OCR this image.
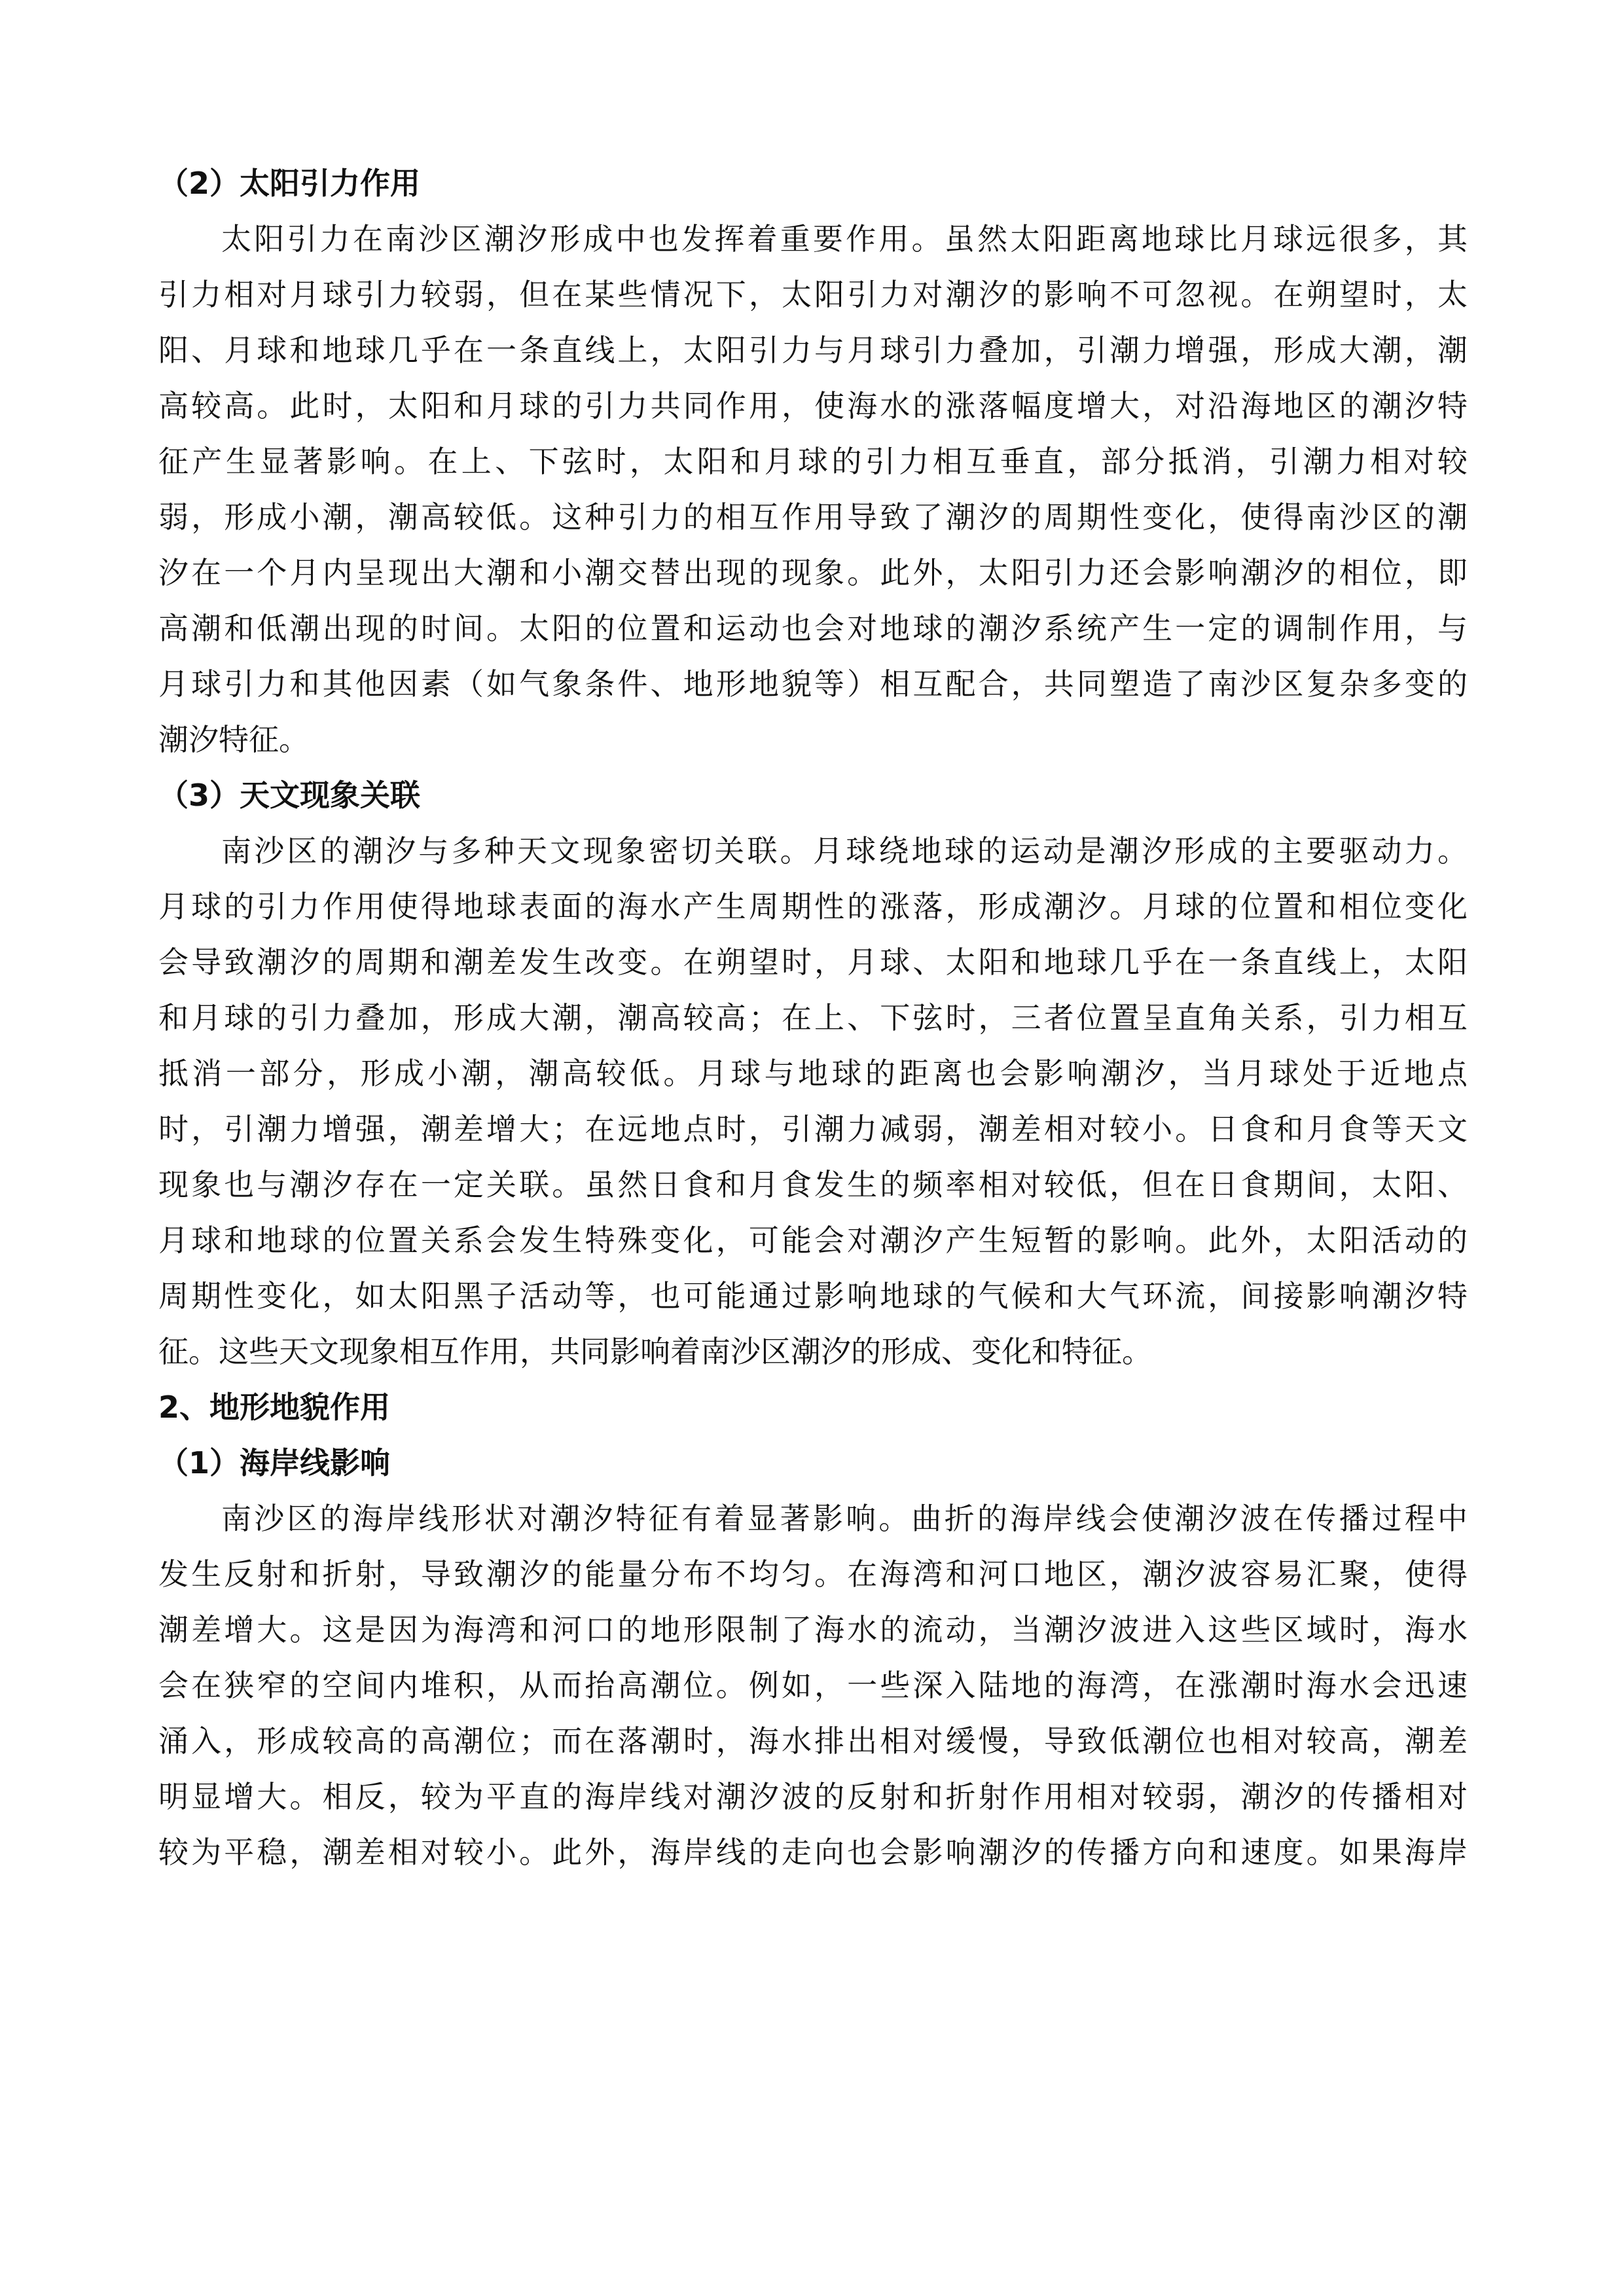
（2）太阳引力作用
太阳引力在南沙区潮汐形成中也发挥着重要作用。虽然太阳距离地球比月球远很多，其
引力相对月球引力较弱，但在某些情况下，太阳引力对潮汐的影响不可忽视。在朔望时，太
阳、月球和地球几乎在一条直线上，太阳引力与月球引力叠加，引潮力增强，形成大潮，潮
高较高。此时，太阳和月球的引力共同作用，使海水的涨落幅度增大，对沿海地区的潮汐特
征产生显著影响。在上、下弦时，太阳和月球的引力相互垂直，部分抵消，引潮力相对较
弱，形成小潮，潮高较低。这种引力的相互作用导致了潮汐的周期性变化，使得南沙区的潮
汐在一个月内呈现出大潮和小潮交替出现的现象。此外，太阳引力还会影响潮汐的相位，即
高潮和低潮出现的时间。太阳的位置和运动也会对地球的潮汐系统产生一定的调制作用，与
月球引力和其他因素（如气象条件、地形地貌等）相互配合，共同塑造了南沙区复杂多变的
潮汐特征。
（3）天文现象关联
南沙区的潮汐与多种天文现象密切关联。月球绕地球的运动是潮汐形成的主要驱动力。
月球的引力作用使得地球表面的海水产生周期性的涨落，形成潮汐。月球的位置和相位变化
会导致潮汐的周期和潮差发生改变。在朔望时，月球、太阳和地球几乎在一条直线上，太阳
和月球的引力叠加，形成大潮，潮高较高；在上、下弦时，三者位置呈直角关系，引力相互
抵消一部分，形成小潮，潮高较低。月球与地球的距离也会影响潮汐，当月球处于近地点
时，引潮力增强，潮差增大；在远地点时，引潮力减弱，潮差相对较小。日食和月食等天文
现象也与潮汐存在一定关联。虽然日食和月食发生的频率相对较低，但在日食期间，太阳、
月球和地球的位置关系会发生特殊变化，可能会对潮汐产生短暂的影响。此外，太阳活动的
周期性变化，如太阳黑子活动等，也可能通过影响地球的气候和大气环流，间接影响潮汐特
征。这些天文现象相互作用，共同影响着南沙区潮汐的形成、变化和特征。
2、地形地貌作用
（1）海岸线影响
南沙区的海岸线形状对潮汐特征有着显著影响。曲折的海岸线会使潮汐波在传播过程中
发生反射和折射，导致潮汐的能量分布不均匀。在海湾和河口地区，潮汐波容易汇聚，使得
潮差增大。这是因为海湾和河口的地形限制了海水的流动，当潮汐波进入这些区域时，海水
会在狭窄的空间内堆积，从而抬高潮位。例如，一些深入陆地的海湾，在涨潮时海水会迅速
涌入，形成较高的高潮位；而在落潮时，海水排出相对缓慢，导致低潮位也相对较高，潮差
明显增大。相反，较为平直的海岸线对潮汐波的反射和折射作用相对较弱，潮汐的传播相对
较为平稳，潮差相对较小。此外，海岸线的走向也会影响潮汐的传播方向和速度。如果海岸
